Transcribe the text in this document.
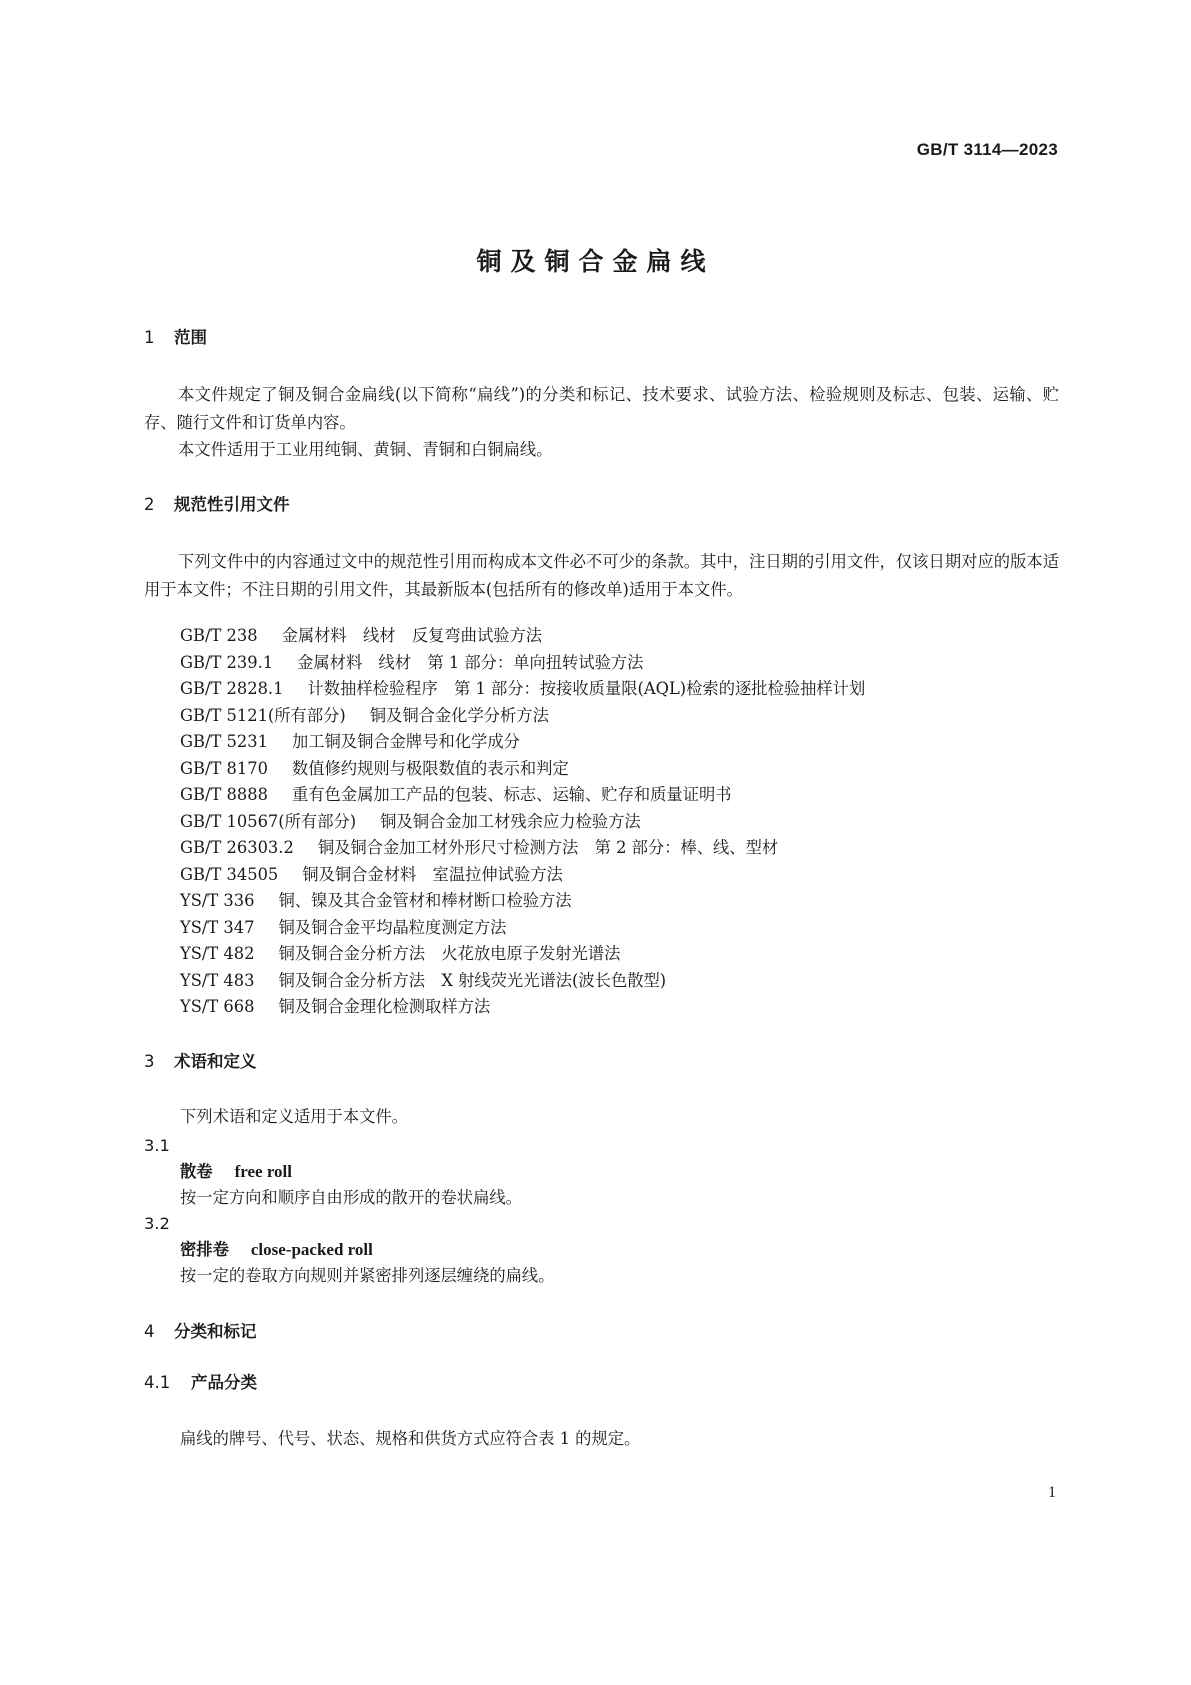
GB/T 3114—2023
铜及铜合金扁线
1 范围

本文件规定了铜及铜合金扁线(以下简称“扁线”)的分类和标记、技术要求、试验方法、检验规则及标志、包装、运输、贮存、随行文件和订货单内容。

本文件适用于工业用纯铜、黄铜、青铜和白铜扁线。

2 规范性引用文件

下列文件中的内容通过文中的规范性引用而构成本文件必不可少的条款。其中，注日期的引用文件，仅该日期对应的版本适用于本文件；不注日期的引用文件，其最新版本(包括所有的修改单)适用于本文件。

GB/T 238 金属材料　线材　反复弯曲试验方法
GB/T 239.1 金属材料　线材　第 1 部分：单向扭转试验方法
GB/T 2828.1 计数抽样检验程序　第 1 部分：按接收质量限(AQL)检索的逐批检验抽样计划
GB/T 5121(所有部分) 铜及铜合金化学分析方法
GB/T 5231 加工铜及铜合金牌号和化学成分
GB/T 8170 数值修约规则与极限数值的表示和判定
GB/T 8888 重有色金属加工产品的包装、标志、运输、贮存和质量证明书
GB/T 10567(所有部分) 铜及铜合金加工材残余应力检验方法
GB/T 26303.2 铜及铜合金加工材外形尺寸检测方法　第 2 部分：棒、线、型材
GB/T 34505 铜及铜合金材料　室温拉伸试验方法
YS/T 336 铜、镍及其合金管材和棒材断口检验方法
YS/T 347 铜及铜合金平均晶粒度测定方法
YS/T 482 铜及铜合金分析方法　火花放电原子发射光谱法
YS/T 483 铜及铜合金分析方法　X 射线荧光光谱法(波长色散型)
YS/T 668 铜及铜合金理化检测取样方法
3 术语和定义

下列术语和定义适用于本文件。

3.1

散卷 free roll

按一定方向和顺序自由形成的散开的卷状扁线。

3.2

密排卷 close-packed roll

按一定的卷取方向规则并紧密排列逐层缠绕的扁线。

4 分类和标记
4.1 产品分类

扁线的牌号、代号、状态、规格和供货方式应符合表 1 的规定。

1
